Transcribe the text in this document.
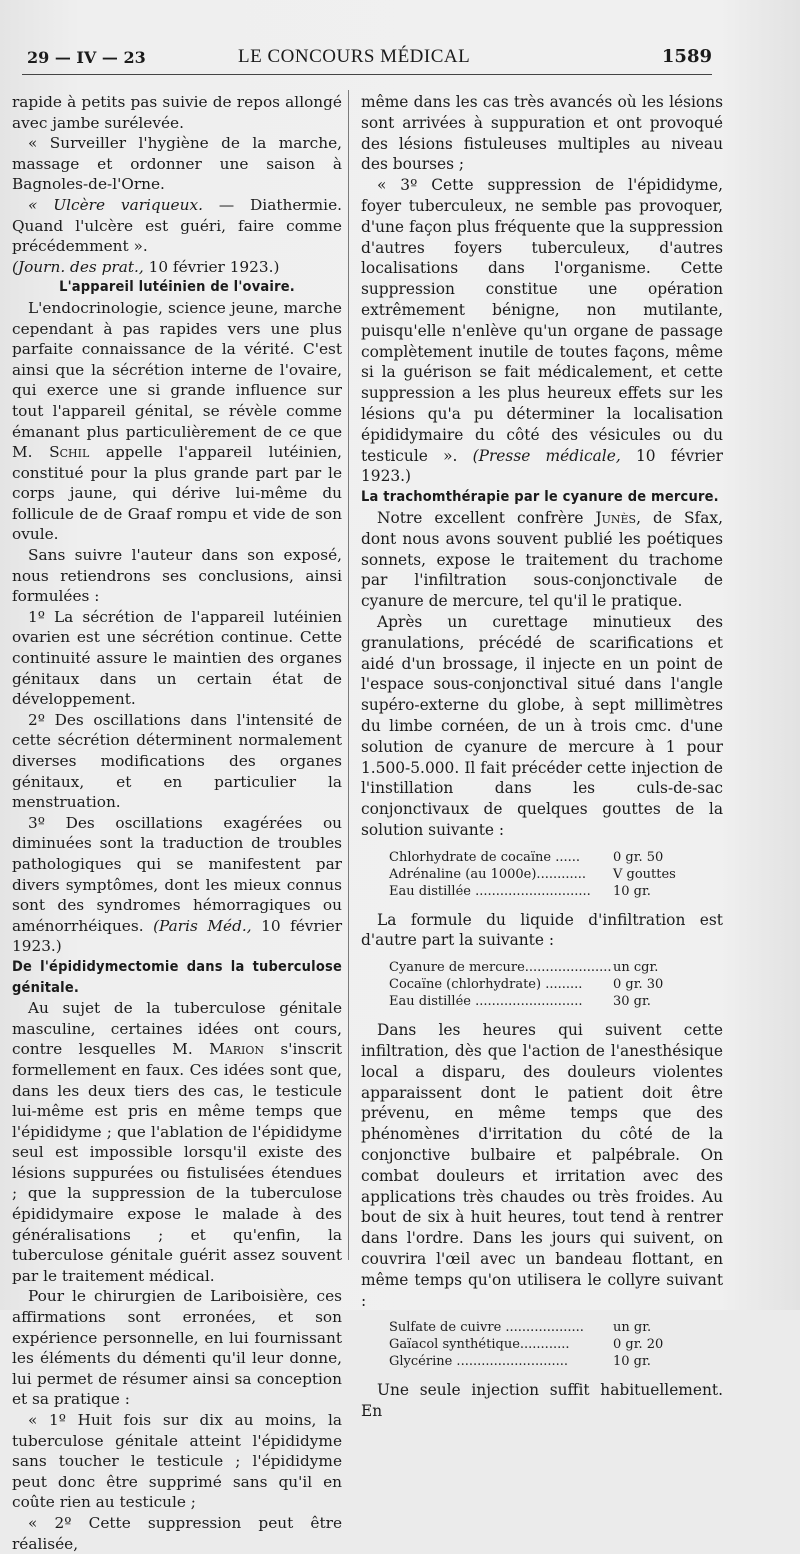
29 — IV — 23	LE CONCOURS MÉDICAL	1589

rapide à petits pas suivie de repos allongé avec jambe surélevée.

« Surveiller l'hygiène de la marche, massage et ordonner une saison à Bagnoles-de-l'Orne.

« Ulcère variqueux. — Diathermie. Quand l'ulcère est guéri, faire comme précédemment ».

(Journ. des prat., 10 février 1923.)

L'appareil lutéinien de l'ovaire.

L'endocrinologie, science jeune, marche cependant à pas rapides vers une plus parfaite connaissance de la vérité. C'est ainsi que la sécrétion interne de l'ovaire, qui exerce une si grande influence sur tout l'appareil génital, se révèle comme émanant plus particulièrement de ce que M. Schil appelle l'appareil lutéinien, constitué pour la plus grande part par le corps jaune, qui dérive lui-même du follicule de de Graaf rompu et vide de son ovule.

Sans suivre l'auteur dans son exposé, nous retiendrons ses conclusions, ainsi formulées :

1º La sécrétion de l'appareil lutéinien ovarien est une sécrétion continue. Cette continuité assure le maintien des organes génitaux dans un certain état de développement.

2º Des oscillations dans l'intensité de cette sécrétion déterminent normalement diverses modifications des organes génitaux, et en particulier la menstruation.

3º Des oscillations exagérées ou diminuées sont la traduction de troubles pathologiques qui se manifestent par divers symptômes, dont les mieux connus sont des syndromes hémorragiques ou aménorrhéiques. (Paris Méd., 10 février 1923.)

De l'épididymectomie dans la tuberculose génitale.

Au sujet de la tuberculose génitale masculine, certaines idées ont cours, contre lesquelles M. Marion s'inscrit formellement en faux. Ces idées sont que, dans les deux tiers des cas, le testicule lui-même est pris en même temps que l'épididyme ; que l'ablation de l'épididyme seul est impossible lorsqu'il existe des lésions suppurées ou fistulisées étendues ; que la suppression de la tuberculose épididymaire expose le malade à des généralisations ; et qu'enfin, la tuberculose génitale guérit assez souvent par le traitement médical.

Pour le chirurgien de Lariboisière, ces affirmations sont erronées, et son expérience personnelle, en lui fournissant les éléments du démenti qu'il leur donne, lui permet de résumer ainsi sa conception et sa pratique :

« 1º Huit fois sur dix au moins, la tuberculose génitale atteint l'épididyme sans toucher le testicule ; l'épididyme peut donc être supprimé sans qu'il en coûte rien au testicule ;

« 2º Cette suppression peut être réalisée,

même dans les cas très avancés où les lésions sont arrivées à suppuration et ont provoqué des lésions fistuleuses multiples au niveau des bourses ;

« 3º Cette suppression de l'épididyme, foyer tuberculeux, ne semble pas provoquer, d'une façon plus fréquente que la suppression d'autres foyers tuberculeux, d'autres localisations dans l'organisme. Cette suppression constitue une opération extrêmement bénigne, non mutilante, puisqu'elle n'enlève qu'un organe de passage complètement inutile de toutes façons, même si la guérison se fait médicalement, et cette suppression a les plus heureux effets sur les lésions qu'a pu déterminer la localisation épididymaire du côté des vésicules ou du testicule ». (Presse médicale, 10 février 1923.)

La trachomthérapie par le cyanure de mercure.

Notre excellent confrère Junès, de Sfax, dont nous avons souvent publié les poétiques sonnets, expose le traitement du trachome par l'infiltration sous-conjonctivale de cyanure de mercure, tel qu'il le pratique.

Après un curettage minutieux des granulations, précédé de scarifications et aidé d'un brossage, il injecte en un point de l'espace sous-conjonctival situé dans l'angle supéro-externe du globe, à sept millimètres du limbe cornéen, de un à trois cmc. d'une solution de cyanure de mercure à 1 pour 1.500-5.000. Il fait précéder cette injection de l'instillation dans les culs-de-sac conjonctivaux de quelques gouttes de la solution suivante :

Chlorhydrate de cocaïne ......	0 gr. 50
Adrénaline (au 1000e)............ V gouttes
Eau distillée ............................ 10 gr.

La formule du liquide d'infiltration est d'autre part la suivante :

Cyanure de mercure..................... un cgr.
Cocaïne (chlorhydrate) ......... 0 gr. 30
Eau distillée .......................... 30 gr.

Dans les heures qui suivent cette infiltration, dès que l'action de l'anesthésique local a disparu, des douleurs violentes apparaissent dont le patient doit être prévenu, en même temps que des phénomènes d'irritation du côté de la conjonctive bulbaire et palpébrale. On combat douleurs et irritation avec des applications très chaudes ou très froides. Au bout de six à huit heures, tout tend à rentrer dans l'ordre. Dans les jours qui suivent, on couvrira l'œil avec un bandeau flottant, en même temps qu'on utilisera le collyre suivant :

Sulfate de cuivre ................... un gr.
Gaïacol synthétique............	0 gr. 20
Glycérine ...........................	10 gr.

Une seule injection suffit habituellement. En
